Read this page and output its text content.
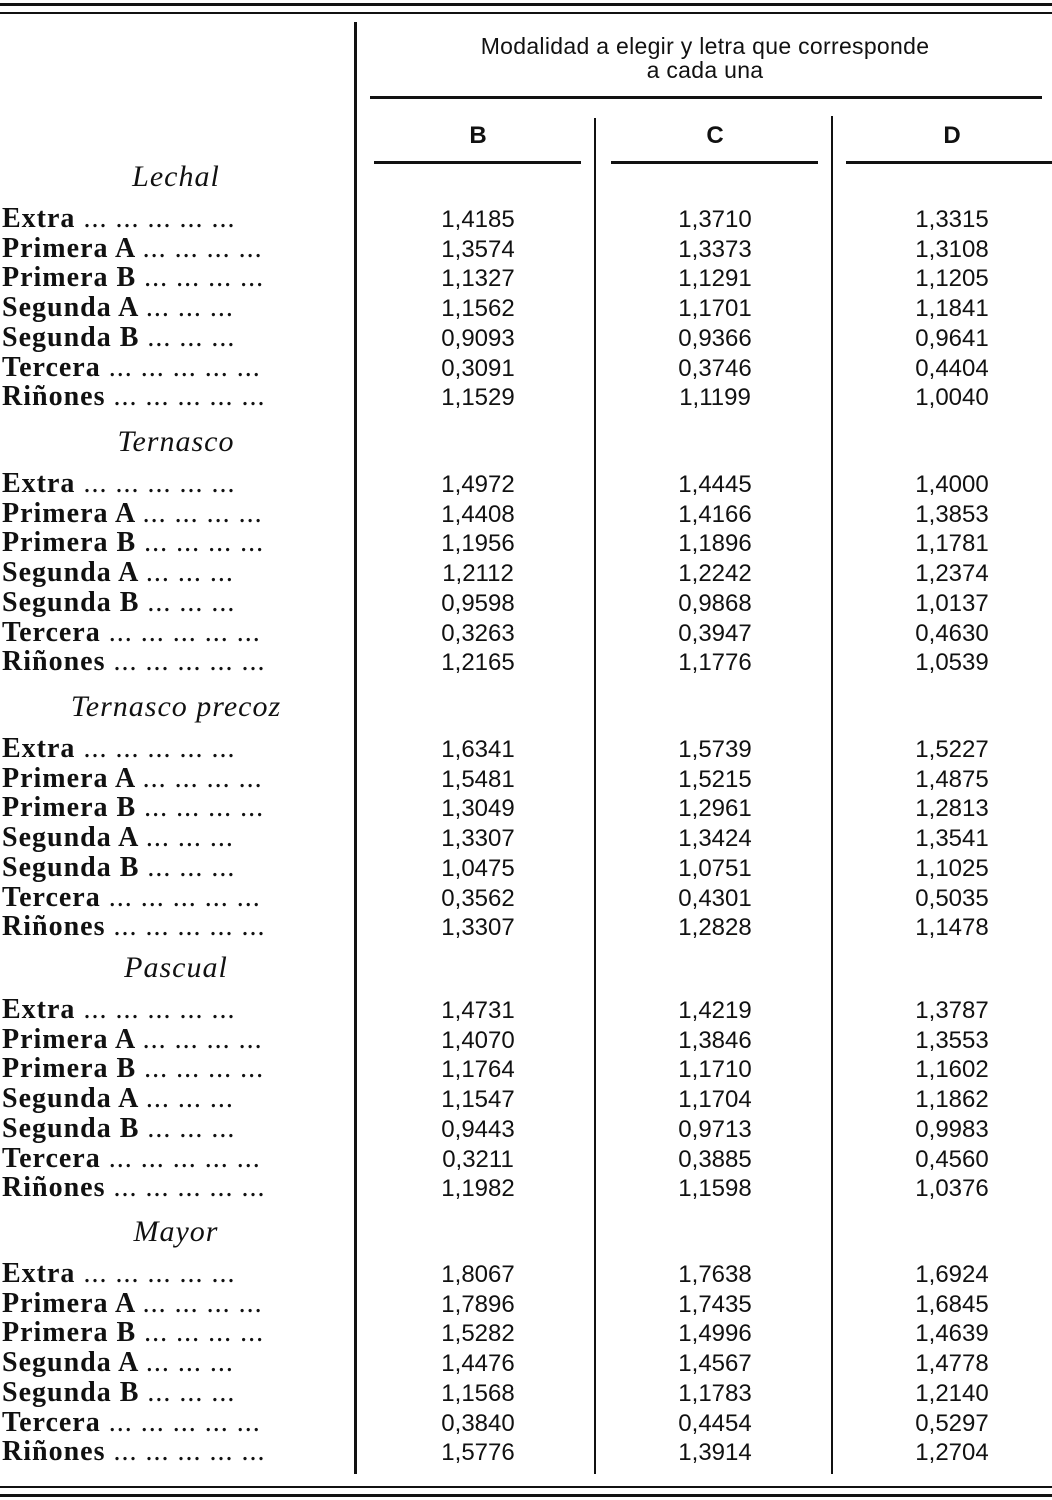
Modalidad a elegir y letra que corresponde
a cada una
B	C	D
Lechal
Extra ... ... ... ... ...	1,4185	1,3710	1,3315
Primera A ... ... ... ...	1,3574	1,3373	1,3108
Primera B ... ... ... ...	1,1327	1,1291	1,1205
Segunda A ... ... ...	1,1562	1,1701	1,1841
Segunda B ... ... ...	0,9093	0,9366	0,9641
Tercera ... ... ... ... ...	0,3091	0,3746	0,4404
Riñones ... ... ... ... ...	1,1529	1,1199	1,0040
Ternasco
Extra ... ... ... ... ...	1,4972	1,4445	1,4000
Primera A ... ... ... ...	1,4408	1,4166	1,3853
Primera B ... ... ... ...	1,1956	1,1896	1,1781
Segunda A ... ... ...	1,2112	1,2242	1,2374
Segunda B ... ... ...	0,9598	0,9868	1,0137
Tercera ... ... ... ... ...	0,3263	0,3947	0,4630
Riñones ... ... ... ... ...	1,2165	1,1776	1,0539
Ternasco precoz
Extra ... ... ... ... ...	1,6341	1,5739	1,5227
Primera A ... ... ... ...	1,5481	1,5215	1,4875
Primera B ... ... ... ...	1,3049	1,2961	1,2813
Segunda A ... ... ...	1,3307	1,3424	1,3541
Segunda B ... ... ...	1,0475	1,0751	1,1025
Tercera ... ... ... ... ...	0,3562	0,4301	0,5035
Riñones ... ... ... ... ...	1,3307	1,2828	1,1478
Pascual
Extra ... ... ... ... ...	1,4731	1,4219	1,3787
Primera A ... ... ... ...	1,4070	1,3846	1,3553
Primera B ... ... ... ...	1,1764	1,1710	1,1602
Segunda A ... ... ...	1,1547	1,1704	1,1862
Segunda B ... ... ...	0,9443	0,9713	0,9983
Tercera ... ... ... ... ...	0,3211	0,3885	0,4560
Riñones ... ... ... ... ...	1,1982	1,1598	1,0376
Mayor
Extra ... ... ... ... ...	1,8067	1,7638	1,6924
Primera A ... ... ... ...	1,7896	1,7435	1,6845
Primera B ... ... ... ...	1,5282	1,4996	1,4639
Segunda A ... ... ...	1,4476	1,4567	1,4778
Segunda B ... ... ...	1,1568	1,1783	1,2140
Tercera ... ... ... ... ...	0,3840	0,4454	0,5297
Riñones ... ... ... ... ...	1,5776	1,3914	1,2704
